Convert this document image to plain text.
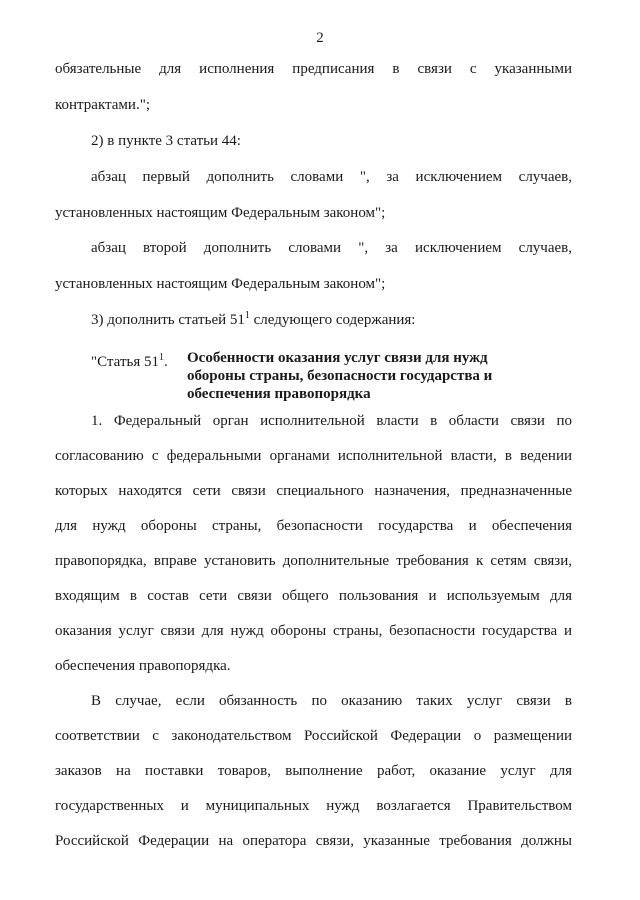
2
обязательные для исполнения предписания в связи с указанными
контрактами.";
2) в пункте 3 статьи 44:
абзац первый дополнить словами ", за исключением случаев,
установленных настоящим Федеральным законом";
абзац второй дополнить словами ", за исключением случаев,
установленных настоящим Федеральным законом";
3) дополнить статьей $51^1$ следующего содержания:
"Статья $51^1$. Особенности оказания услуг связи для нужд
обороны страны, безопасности государства и
обеспечения правопорядка
1. Федеральный орган исполнительной власти в области связи по
согласованию с федеральными органами исполнительной власти, в ведении
которых находятся сети связи специального назначения, предназначенные
для нужд обороны страны, безопасности государства и обеспечения
правопорядка, вправе установить дополнительные требования к сетям связи,
входящим в состав сети связи общего пользования и используемым для
оказания услуг связи для нужд обороны страны, безопасности государства и
обеспечения правопорядка.
В случае, если обязанность по оказанию таких услуг связи в
соответствии с законодательством Российской Федерации о размещении
заказов на поставки товаров, выполнение работ, оказание услуг для
государственных и муниципальных нужд возлагается Правительством
Российской Федерации на оператора связи, указанные требования должны
